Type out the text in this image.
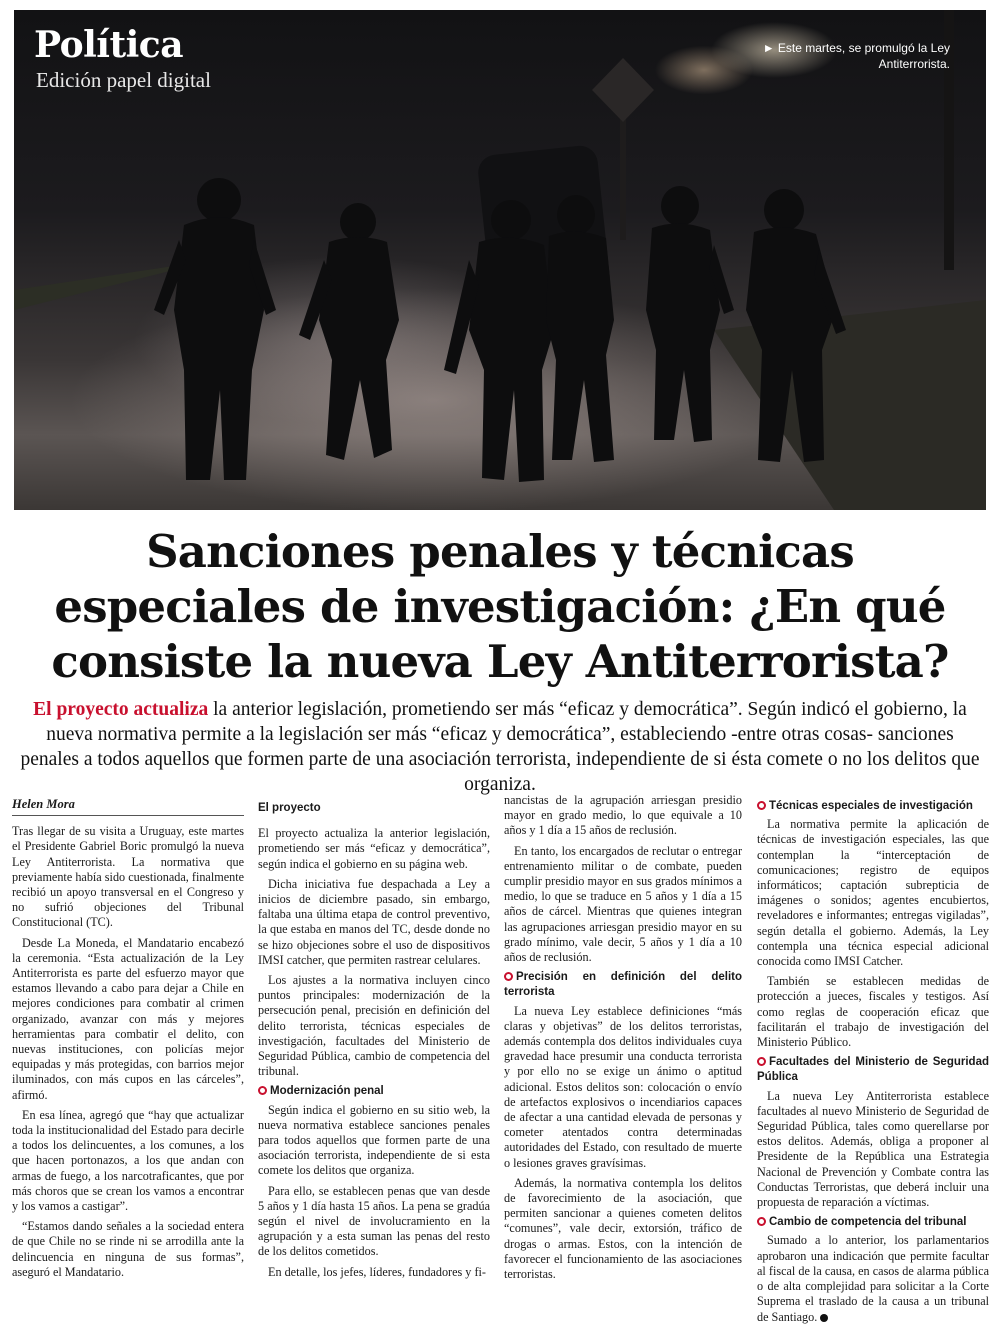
Política
Edición papel digital
► Este martes, se promulgó la Ley Antiterrorista.
Sanciones penales y técnicas especiales de investigación: ¿En qué consiste la nueva Ley Antiterrorista?

El proyecto actualiza la anterior legislación, prometiendo ser más “eficaz y democrática”. Según indicó el gobierno, la nueva normativa permite a la legislación ser más “eficaz y democrática”, estableciendo -entre otras cosas- sanciones penales a todos aquellos que formen parte de una asociación terrorista, independiente de si ésta comete o no los delitos que organiza.

Helen Mora

Tras llegar de su visita a Uruguay, este martes el Presidente Gabriel Boric promulgó la nueva Ley Antiterrorista. La normativa que previamente había sido cuestionada, finalmente recibió un apoyo transversal en el Congreso y no sufrió objeciones del Tribunal Constitucional (TC).

Desde La Moneda, el Mandatario encabezó la ceremonia. “Esta actualización de la Ley Antiterrorista es parte del esfuerzo mayor que estamos llevando a cabo para dejar a Chile en mejores condiciones para combatir al crimen organizado, avanzar con más y mejores herramientas para combatir el delito, con nuevas instituciones, con policías mejor equipadas y más protegidas, con barrios mejor iluminados, con más cupos en las cárceles”, afirmó.

En esa línea, agregó que “hay que actualizar toda la institucionalidad del Estado para decirle a todos los delincuentes, a los comunes, a los que hacen portonazos, a los que andan con armas de fuego, a los narcotraficantes, que por más choros que se crean los vamos a encontrar y los vamos a castigar”.

“Estamos dando señales a la sociedad entera de que Chile no se rinde ni se arrodilla ante la delincuencia en ninguna de sus formas”, aseguró el Mandatario.

El proyecto

El proyecto actualiza la anterior legislación, prometiendo ser más “eficaz y democrática”, según indica el gobierno en su página web.

Dicha iniciativa fue despachada a Ley a inicios de diciembre pasado, sin embargo, faltaba una última etapa de control preventivo, la que estaba en manos del TC, desde donde no se hizo objeciones sobre el uso de dispositivos IMSI catcher, que permiten rastrear celulares.

Los ajustes a la normativa incluyen cinco puntos principales: modernización de la persecución penal, precisión en definición del delito terrorista, técnicas especiales de investigación, facultades del Ministerio de Seguridad Pública, cambio de competencia del tribunal.

Modernización penal

Según indica el gobierno en su sitio web, la nueva normativa establece sanciones penales para todos aquellos que formen parte de una asociación terrorista, independiente de si esta comete los delitos que organiza.

Para ello, se establecen penas que van desde 5 años y 1 día hasta 15 años. La pena se gradúa según el nivel de involucramiento en la agrupación y a esta suman las penas del resto de los delitos cometidos.

En detalle, los jefes, líderes, fundadores y fi-

nancistas de la agrupación arriesgan presidio mayor en grado medio, lo que equivale a 10 años y 1 día a 15 años de reclusión.

En tanto, los encargados de reclutar o entregar entrenamiento militar o de combate, pueden cumplir presidio mayor en sus grados mínimos a medio, lo que se traduce en 5 años y 1 día a 15 años de cárcel. Mientras que quienes integran las agrupaciones arriesgan presidio mayor en su grado mínimo, vale decir, 5 años y 1 día a 10 años de reclusión.

Precisión en definición del delito terrorista

La nueva Ley establece definiciones “más claras y objetivas” de los delitos terroristas, además contempla dos delitos individuales cuya gravedad hace presumir una conducta terrorista y por ello no se exige un ánimo o aptitud adicional. Estos delitos son: colocación o envío de artefactos explosivos o incendiarios capaces de afectar a una cantidad elevada de personas y cometer atentados contra determinadas autoridades del Estado, con resultado de muerte o lesiones graves gravísimas.

Además, la normativa contempla los delitos de favorecimiento de la asociación, que permiten sancionar a quienes cometen delitos “comunes”, vale decir, extorsión, tráfico de drogas o armas. Estos, con la intención de favorecer el funcionamiento de las asociaciones terroristas.

Técnicas especiales de investigación

La normativa permite la aplicación de técnicas de investigación especiales, las que contemplan la “interceptación de comunicaciones; registro de equipos informáticos; captación subrepticia de imágenes o sonidos; agentes encubiertos, reveladores e informantes; entregas vigiladas”, según detalla el gobierno. Además, la Ley contempla una técnica especial adicional conocida como IMSI Catcher.

También se establecen medidas de protección a jueces, fiscales y testigos. Así como reglas de cooperación eficaz que facilitarán el trabajo de investigación del Ministerio Público.

Facultades del Ministerio de Seguridad Pública

La nueva Ley Antiterrorista establece facultades al nuevo Ministerio de Seguridad de Seguridad Pública, tales como querellarse por estos delitos. Además, obliga a proponer al Presidente de la República una Estrategia Nacional de Prevención y Combate contra las Conductas Terroristas, que deberá incluir una propuesta de reparación a víctimas.

Cambio de competencia del tribunal

Sumado a lo anterior, los parlamentarios aprobaron una indicación que permite facultar al fiscal de la causa, en casos de alarma pública o de alta complejidad para solicitar a la Corte Suprema el traslado de la causa a un tribunal de Santiago.
